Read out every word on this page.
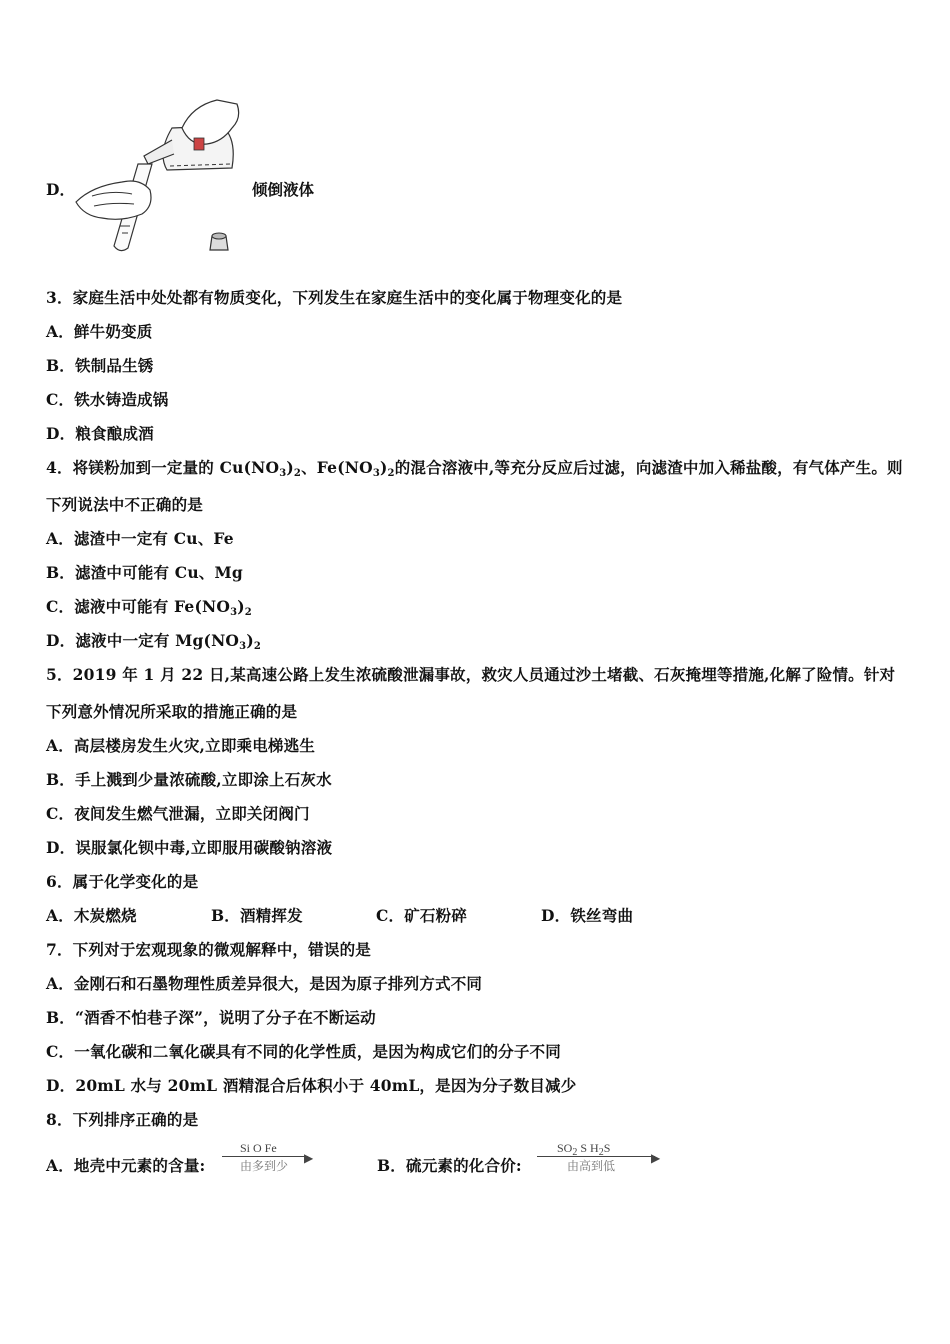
D．	倾倒液体
3．家庭生活中处处都有物质变化，下列发生在家庭生活中的变化属于物理变化的是
A．鲜牛奶变质
B．铁制品生锈
C．铁水铸造成锅
D．粮食酿成酒
4．将镁粉加到一定量的 $Cu(NO_3)_2$、$Fe(NO_3)_2$的混合溶液中,等充分反应后过滤，向滤渣中加入稀盐酸，有气体产生。则
下列说法中不正确的是
A．滤渣中一定有 Cu、Fe
B．滤渣中可能有 Cu、Mg
C．滤液中可能有 $Fe(NO_3)_2$
D．滤液中一定有 $Mg(NO_3)_2$
5．2019 年 1 月 22 日,某高速公路上发生浓硫酸泄漏事故，救灾人员通过沙土堵截、石灰掩埋等措施,化解了险情。针对
下列意外情况所采取的措施正确的是
A．高层楼房发生火灾,立即乘电梯逃生
B．手上溅到少量浓硫酸,立即涂上石灰水
C．夜间发生燃气泄漏，立即关闭阀门
D．误服氯化钡中毒,立即服用碳酸钠溶液
6．属于化学变化的是
A．木炭燃烧	B．酒精挥发	C．矿石粉碎	D．铁丝弯曲
7．下列对于宏观现象的微观解释中，错误的是
A．金刚石和石墨物理性质差异很大，是因为原子排列方式不同
B．“酒香不怕巷子深”，说明了分子在不断运动
C．一氧化碳和二氧化碳具有不同的化学性质，是因为构成它们的分子不同
D．20mL 水与 20mL 酒精混合后体积小于 40mL，是因为分子数目减少
8．下列排序正确的是
A．地壳中元素的含量:	▶
Si O Fe
由多到少	B．硫元素的化合价:	▶
$SO_2$ S $H_2S$
由高到低
